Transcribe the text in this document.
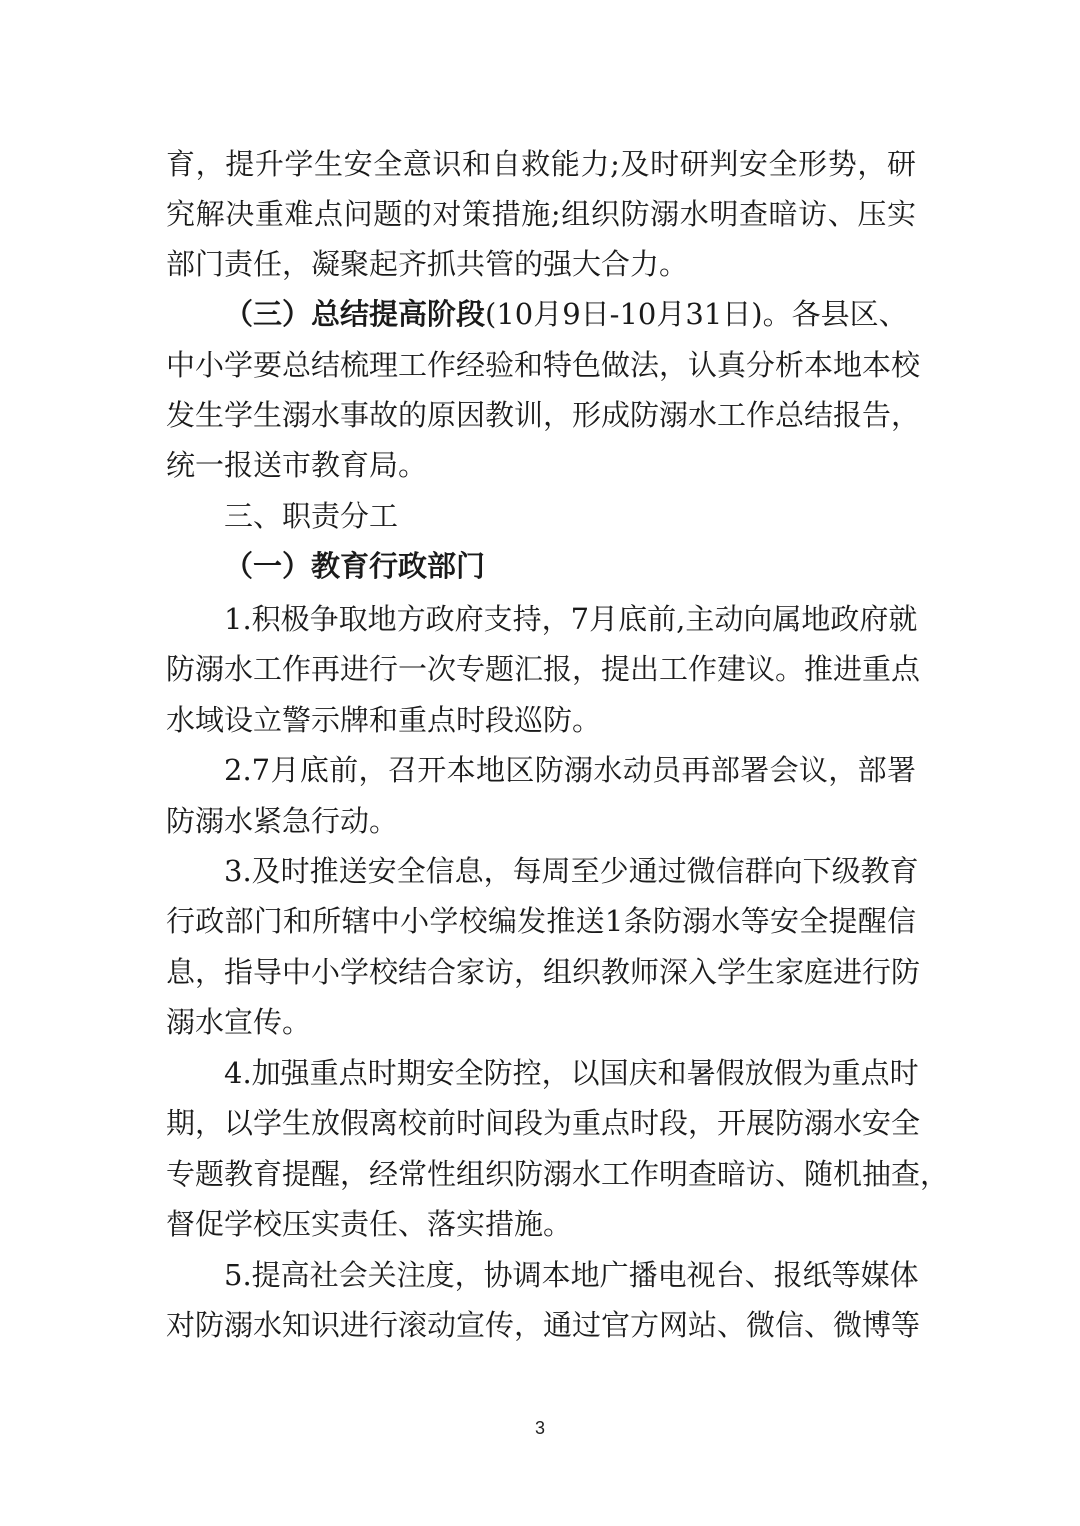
育，提升学生安全意识和自救能力;及时研判安全形势，研
究解决重难点问题的对策措施;组织防溺水明查暗访、压实
部门责任，凝聚起齐抓共管的强大合力。
（三）总结提高阶段(10月9日-10月31日)。各县区、
中小学要总结梳理工作经验和特色做法，认真分析本地本校
发生学生溺水事故的原因教训，形成防溺水工作总结报告，
统一报送市教育局。
三、职责分工
（一）教育行政部门
1.积极争取地方政府支持，7月底前,主动向属地政府就
防溺水工作再进行一次专题汇报，提出工作建议。推进重点
水域设立警示牌和重点时段巡防。
2.7月底前，召开本地区防溺水动员再部署会议，部署
防溺水紧急行动。
3.及时推送安全信息，每周至少通过微信群向下级教育
行政部门和所辖中小学校编发推送1条防溺水等安全提醒信
息，指导中小学校结合家访，组织教师深入学生家庭进行防
溺水宣传。
4.加强重点时期安全防控，以国庆和暑假放假为重点时
期，以学生放假离校前时间段为重点时段，开展防溺水安全
专题教育提醒，经常性组织防溺水工作明查暗访、随机抽查，
督促学校压实责任、落实措施。
5.提高社会关注度，协调本地广播电视台、报纸等媒体
对防溺水知识进行滚动宣传，通过官方网站、微信、微博等
3
